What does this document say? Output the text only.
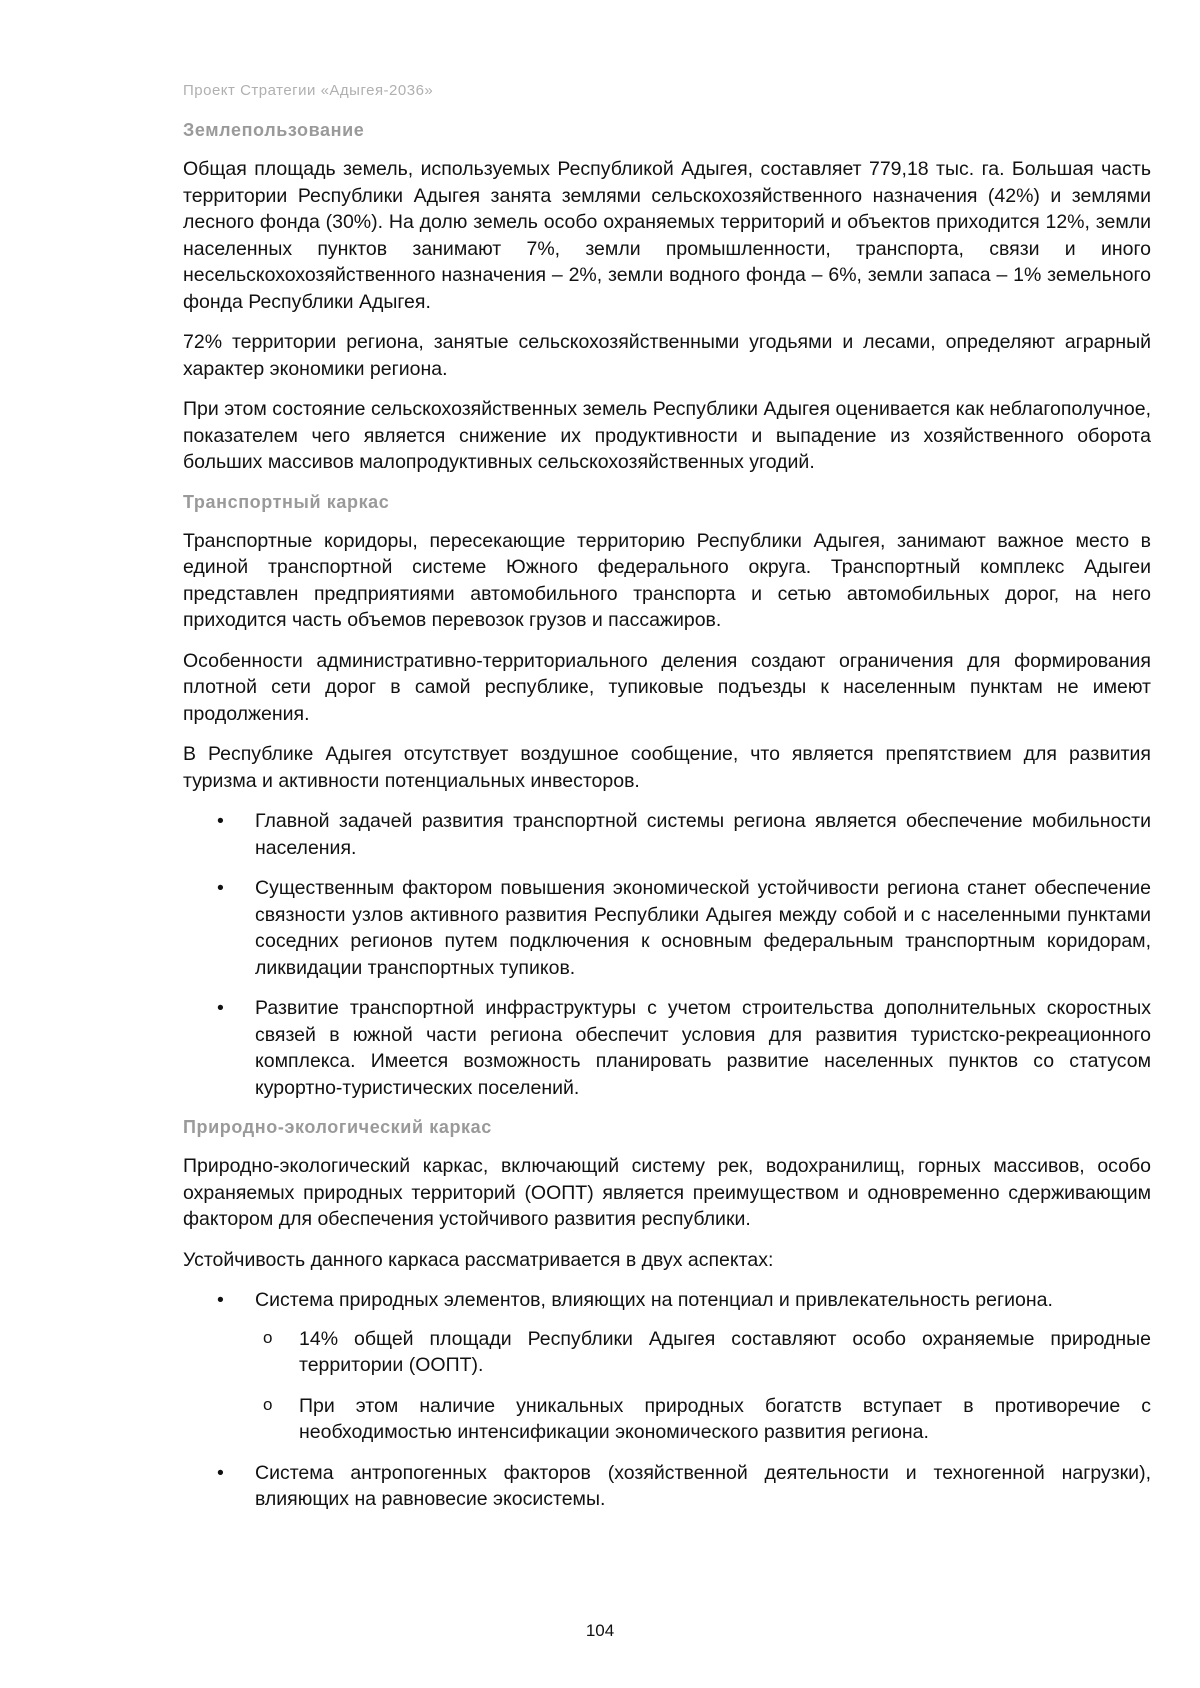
Проект Стратегии «Адыгея-2036»
Землепользование

Общая площадь земель, используемых Республикой Адыгея, составляет 779,18 тыс. га. Большая часть территории Республики Адыгея занята землями сельскохозяйственного назначения (42%) и землями лесного фонда (30%). На долю земель особо охраняемых территорий и объектов приходится 12%, земли населенных пунктов занимают 7%, земли промышленности, транспорта, связи и иного несельскохохозяйственного назначения – 2%, земли водного фонда – 6%, земли запаса – 1% земельного фонда Республики Адыгея.

72% территории региона, занятые сельскохозяйственными угодьями и лесами, определяют аграрный характер экономики региона.

При этом состояние сельскохозяйственных земель Республики Адыгея оценивается как неблагополучное, показателем чего является снижение их продуктивности и выпадение из хозяйственного оборота больших массивов малопродуктивных сельскохозяйственных угодий.

Транспортный каркас

Транспортные коридоры, пересекающие территорию Республики Адыгея, занимают важное место в единой транспортной системе Южного федерального округа. Транспортный комплекс Адыгеи представлен предприятиями автомобильного транспорта и сетью автомобильных дорог, на него приходится часть объемов перевозок грузов и пассажиров.

Особенности административно-территориального деления создают ограничения для формирования плотной сети дорог в самой республике, тупиковые подъезды к населенным пунктам не имеют продолжения.

В Республике Адыгея отсутствует воздушное сообщение, что является препятствием для развития туризма и активности потенциальных инвесторов.

• Главной задачей развития транспортной системы региона является обеспечение мобильности населения.
• Существенным фактором повышения экономической устойчивости региона станет обеспечение связности узлов активного развития Республики Адыгея между собой и с населенными пунктами соседних регионов путем подключения к основным федеральным транспортным коридорам, ликвидации транспортных тупиков.
• Развитие транспортной инфраструктуры с учетом строительства дополнительных скоростных связей в южной части региона обеспечит условия для развития туристско-рекреационного комплекса. Имеется возможность планировать развитие населенных пунктов со статусом курортно-туристических поселений.
Природно-экологический каркас

Природно-экологический каркас, включающий систему рек, водохранилищ, горных массивов, особо охраняемых природных территорий (ООПТ) является преимуществом и одновременно сдерживающим фактором для обеспечения устойчивого развития республики.

Устойчивость данного каркаса рассматривается в двух аспектах:

• Система природных элементов, влияющих на потенциал и привлекательность региона.
o 14% общей площади Республики Адыгея составляют особо охраняемые природные территории (ООПТ).
o При этом наличие уникальных природных богатств вступает в противоречие с необходимостью интенсификации экономического развития региона.
• Система антропогенных факторов (хозяйственной деятельности и техногенной нагрузки), влияющих на равновесие экосистемы.
104
